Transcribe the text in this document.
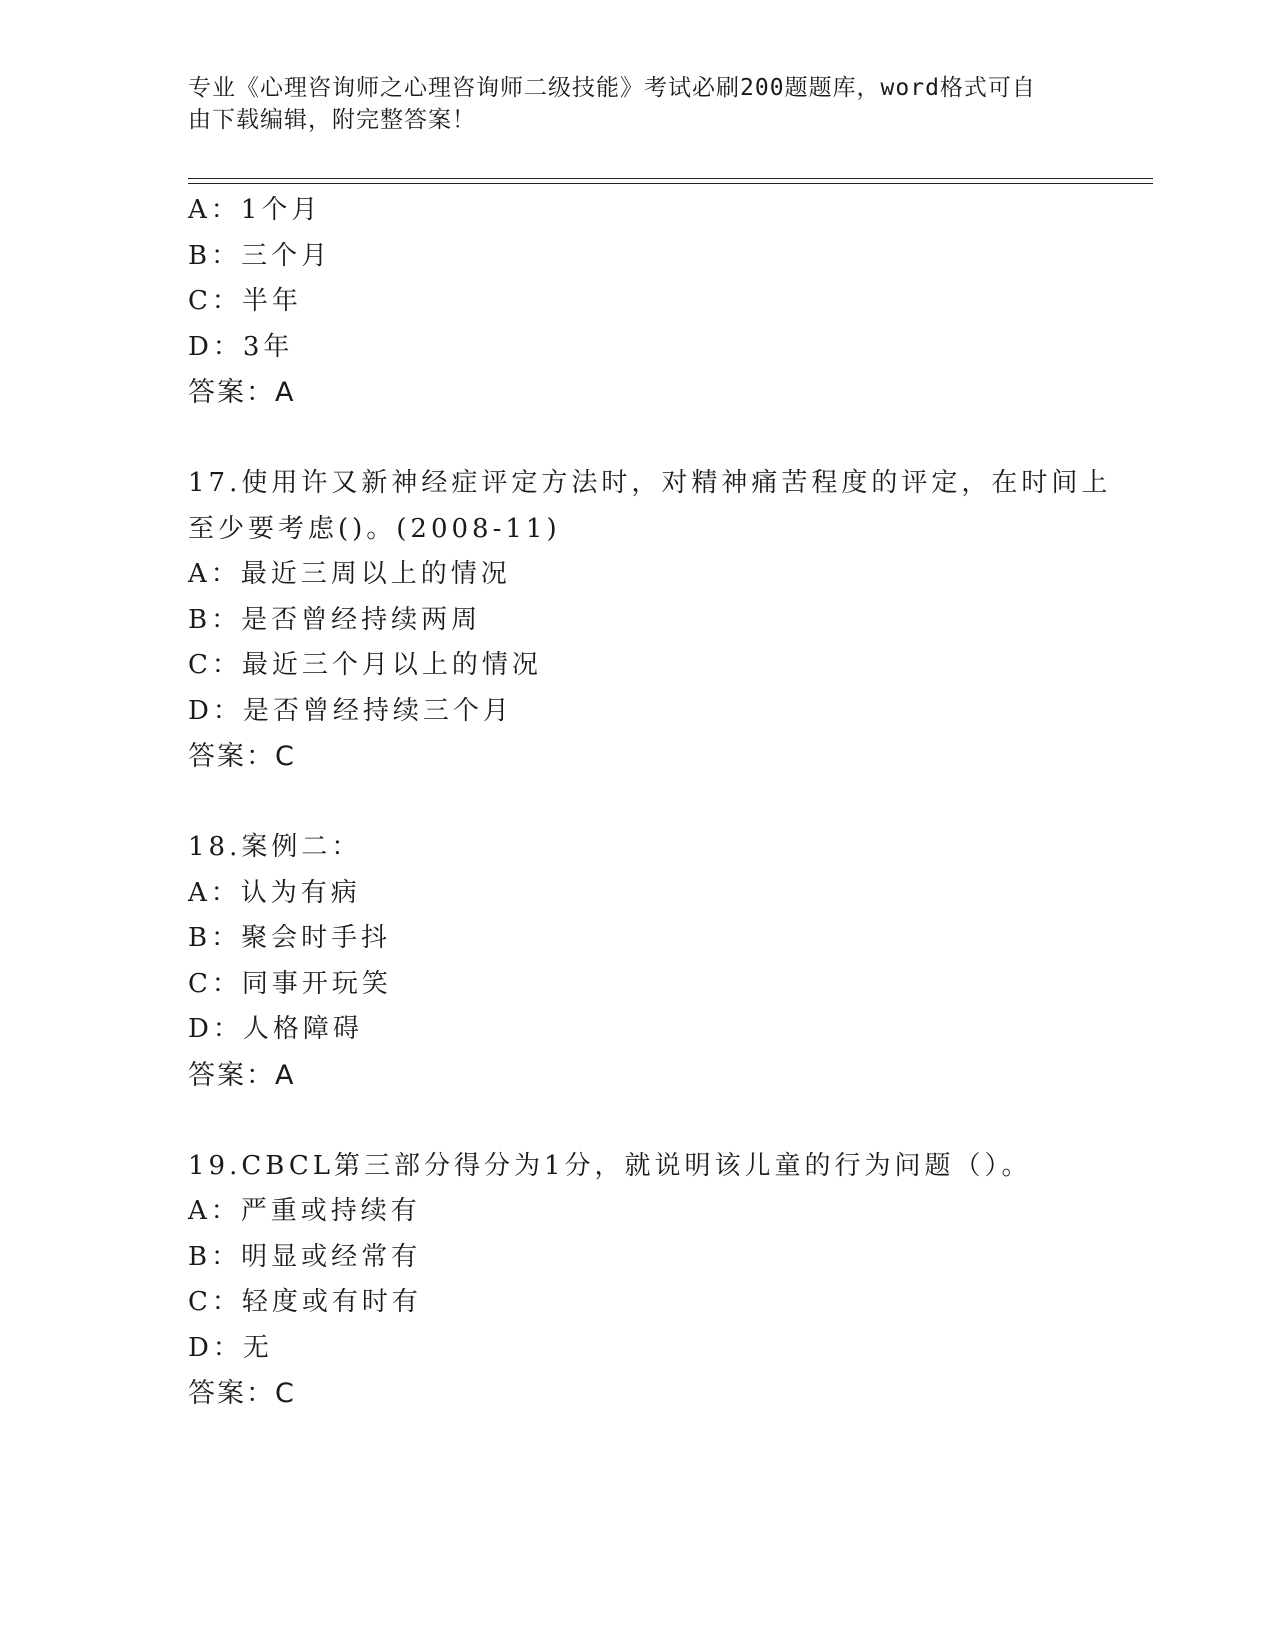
专业《心理咨询师之心理咨询师二级技能》考试必刷200题题库，word格式可自
由下载编辑，附完整答案！
A：1个月
B：三个月
C：半年
D：3年
答案：A
17.使用许又新神经症评定方法时，对精神痛苦程度的评定，在时间上
至少要考虑()。(2008-11)
A：最近三周以上的情况
B：是否曾经持续两周
C：最近三个月以上的情况
D：是否曾经持续三个月
答案：C
18.案例二：
A：认为有病
B：聚会时手抖
C：同事开玩笑
D：人格障碍
答案：A
19.CBCL第三部分得分为1分，就说明该儿童的行为问题（）。
A：严重或持续有
B：明显或经常有
C：轻度或有时有
D：无
答案：C
